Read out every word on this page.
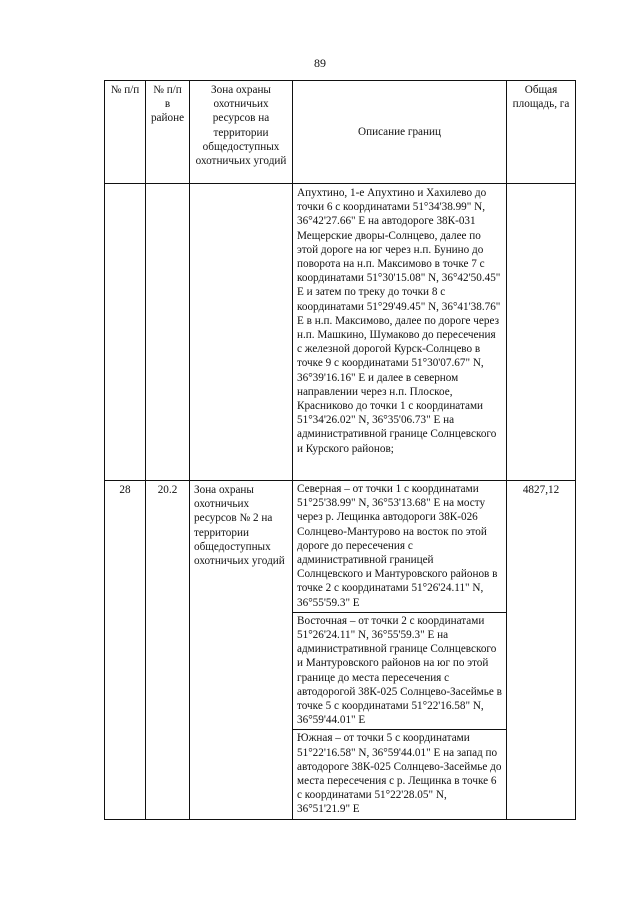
89
№ п/п	№ п/п в районе	Зона охраны охотничьих ресурсов на территории общедоступных охотничьих угодий	Описание границ	Общая площадь, га
			Апухтино, 1-е Апухтино и Хахилево до точки 6 с координатами 51°34'38.99" N, 36°42'27.66" E на автодороге 38К-031 Мещерские дворы-Солнцево, далее по этой дороге на юг через н.п. Бунино до поворота на н.п. Максимово в точке 7 с координатами 51°30'15.08" N, 36°42'50.45" E и затем по треку до точки 8 с координатами 51°29'49.45" N, 36°41'38.76" E в н.п. Максимово, далее по дороге через н.п. Машкино, Шумаково до пересечения с железной дорогой Курск-Солнцево в точке 9 с координатами 51°30'07.67" N, 36°39'16.16" E и далее в северном направлении через н.п. Плоское, Красниково до точки 1 с координатами 51°34'26.02" N, 36°35'06.73" E на административной границе Солнцевского и Курского районов;	
28	20.2	Зона охраны охотничьих ресурсов № 2 на территории общедоступных охотничьих угодий	Северная – от точки 1 с координатами 51°25'38.99" N, 36°53'13.68" E на мосту через р. Лещинка автодороги 38К-026 Солнцево-Мантурово на восток по этой дороге до пересечения с административной границей Солнцевского и Мантуровского районов в точке 2 с координатами 51°26'24.11" N, 36°55'59.3" E
Восточная – от точки 2 с координатами 51°26'24.11" N, 36°55'59.3" E на административной границе Солнцевского и Мантуровского районов на юг по этой границе до места пересечения с автодорогой 38К-025 Солнцево-Засеймье в точке 5 с координатами 51°22'16.58" N, 36°59'44.01" E
Южная – от точки 5 с координатами 51°22'16.58" N, 36°59'44.01" E на запад по автодороге 38К-025 Солнцево-Засеймье до места пересечения с р. Лещинка в точке 6 с координатами 51°22'28.05" N, 36°51'21.9" E	4827,12
